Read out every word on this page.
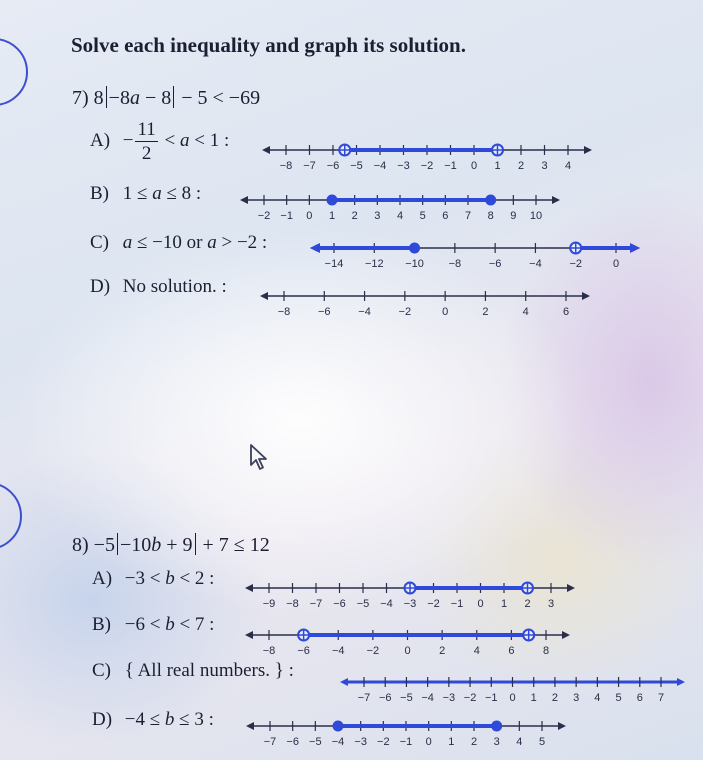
Solve each inequality and graph its solution.
7) 8 −8a − 8 − 5 < −69
$A) - \frac{11}{2} < a < 1$ :
B) 1 ≤ a ≤ 8 :
C) a ≤ −10 or a > −2 :
D) No solution. :
8) −5 −10b + 9 + 7 ≤ 12
A) −3 < b < 2 :
B) −6 < b < 7 :
C) { All real numbers. } :
D) −4 ≤ b ≤ 3 :
−8 −7 −6 −5 −4 −3 −2 −1 0 1 2 3 4
−2 −1 0 1 2 3 4 5 6 7 8 9 10
−14 −12 −10 −8	−6	−4	−2	0
−8	−6	−4	−2	0	2	4	6
−9 −8 −7 −6 −5 −4 −3 −2 −1 0 1 2 3
−8 −6 −4 −2 0	2	4	6	8
−7 −6 −5 −4 −3 −2 −1 0 1 2 3 4 5 6 7
−7 −6 −5 −4 −3 −2 −1 0 1 2 3 4 5
